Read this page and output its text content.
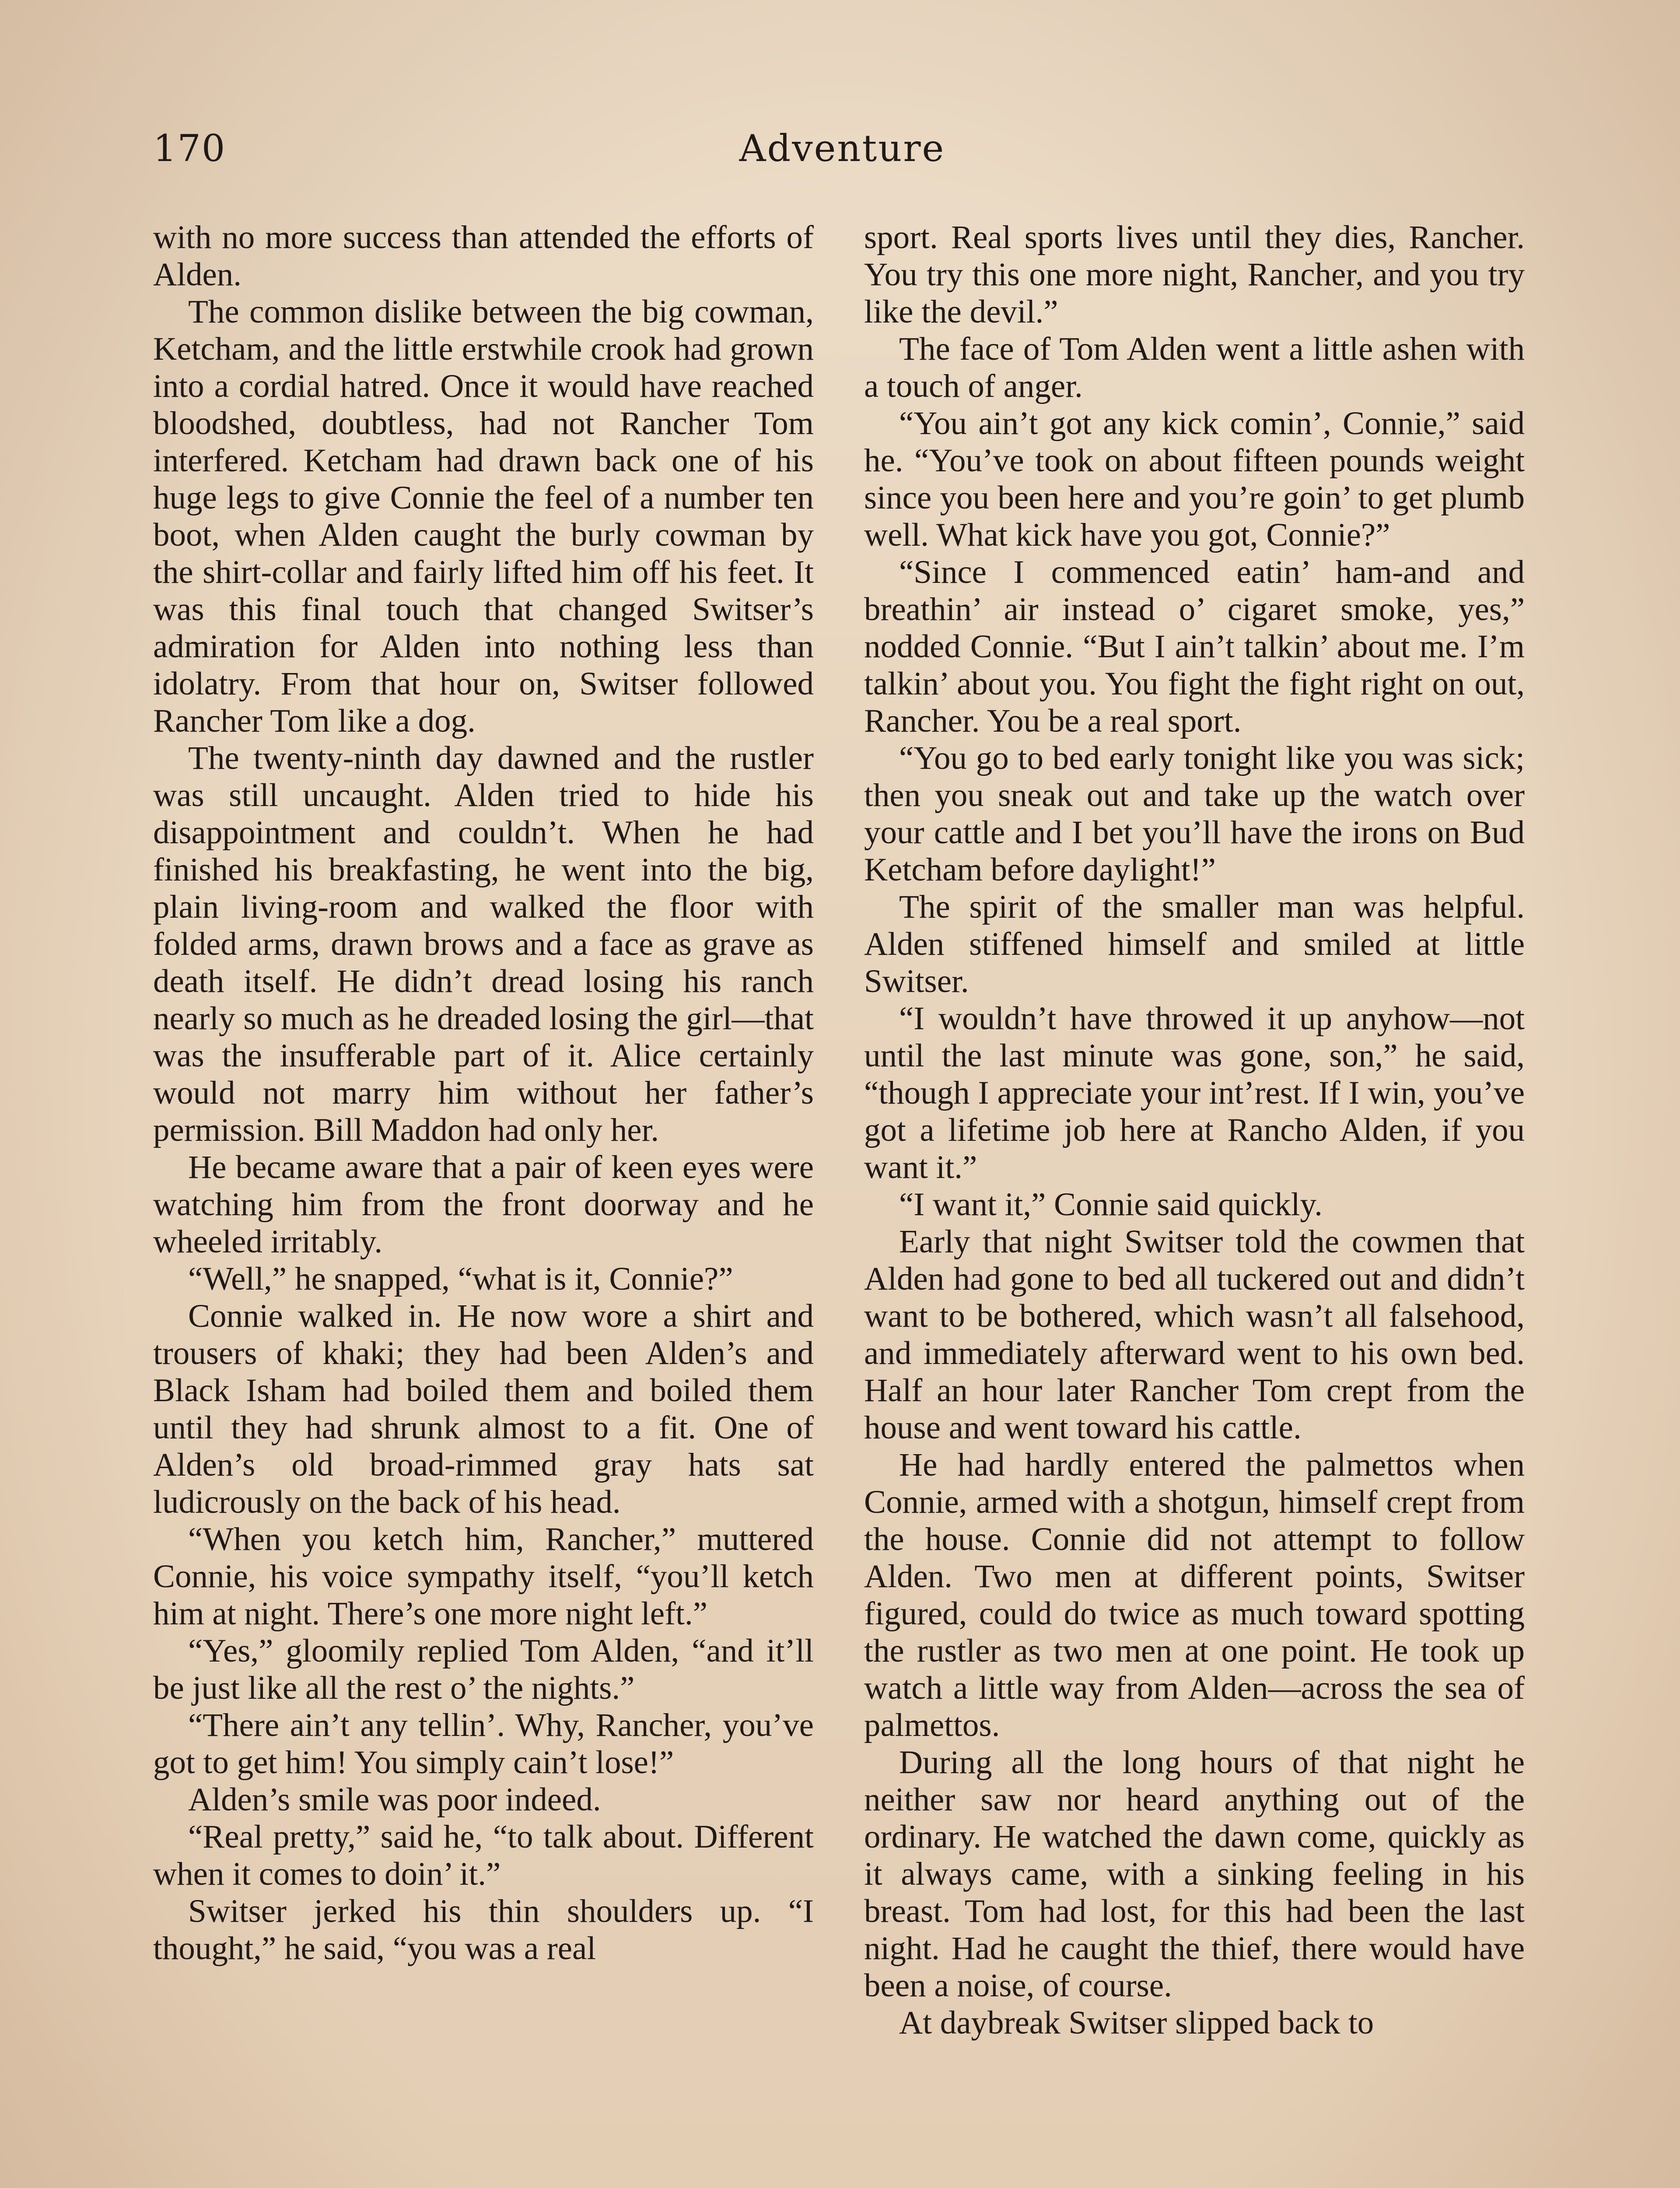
170	Adventure

with no more success than attended the efforts of Alden.

The common dislike between the big cowman, Ketcham, and the little erstwhile crook had grown into a cordial hatred. Once it would have reached bloodshed, doubtless, had not Rancher Tom interfered. Ketcham had drawn back one of his huge legs to give Connie the feel of a number ten boot, when Alden caught the burly cowman by the shirt-collar and fairly lifted him off his feet. It was this final touch that changed Switser’s admiration for Alden into nothing less than idolatry. From that hour on, Switser followed Rancher Tom like a dog.

The twenty-ninth day dawned and the rustler was still uncaught. Alden tried to hide his disappointment and couldn’t. When he had finished his breakfasting, he went into the big, plain living-room and walked the floor with folded arms, drawn brows and a face as grave as death itself. He didn’t dread losing his ranch nearly so much as he dreaded losing the girl—that was the insufferable part of it. Alice certainly would not marry him without her father’s permission. Bill Maddon had only her.

He became aware that a pair of keen eyes were watching him from the front doorway and he wheeled irritably.

“Well,” he snapped, “what is it, Connie?”

Connie walked in. He now wore a shirt and trousers of khaki; they had been Alden’s and Black Isham had boiled them and boiled them until they had shrunk almost to a fit. One of Alden’s old broad-rimmed gray hats sat ludicrously on the back of his head.

“When you ketch him, Rancher,” muttered Connie, his voice sympathy itself, “you’ll ketch him at night. There’s one more night left.”

“Yes,” gloomily replied Tom Alden, “and it’ll be just like all the rest o’ the nights.”

“There ain’t any tellin’. Why, Rancher, you’ve got to get him! You simply cain’t lose!”

Alden’s smile was poor indeed.

“Real pretty,” said he, “to talk about. Different when it comes to doin’ it.”

Switser jerked his thin shoulders up. “I thought,” he said, “you was a real

sport. Real sports lives until they dies, Rancher. You try this one more night, Rancher, and you try like the devil.”

The face of Tom Alden went a little ashen with a touch of anger.

“You ain’t got any kick comin’, Connie,” said he. “You’ve took on about fifteen pounds weight since you been here and you’re goin’ to get plumb well. What kick have you got, Connie?”

“Since I commenced eatin’ ham-and and breathin’ air instead o’ cigaret smoke, yes,” nodded Connie. “But I ain’t talkin’ about me. I’m talkin’ about you. You fight the fight right on out, Rancher. You be a real sport.

“You go to bed early tonight like you was sick; then you sneak out and take up the watch over your cattle and I bet you’ll have the irons on Bud Ketcham before daylight!”

The spirit of the smaller man was helpful. Alden stiffened himself and smiled at little Switser.

“I wouldn’t have throwed it up anyhow—not until the last minute was gone, son,” he said, “though I appreciate your int’rest. If I win, you’ve got a lifetime job here at Rancho Alden, if you want it.”

“I want it,” Connie said quickly.

Early that night Switser told the cowmen that Alden had gone to bed all tuckered out and didn’t want to be bothered, which wasn’t all falsehood, and immediately afterward went to his own bed. Half an hour later Rancher Tom crept from the house and went toward his cattle.

He had hardly entered the palmettos when Connie, armed with a shotgun, himself crept from the house. Connie did not attempt to follow Alden. Two men at different points, Switser figured, could do twice as much toward spotting the rustler as two men at one point. He took up watch a little way from Alden—across the sea of palmettos.

During all the long hours of that night he neither saw nor heard anything out of the ordinary. He watched the dawn come, quickly as it always came, with a sinking feeling in his breast. Tom had lost, for this had been the last night. Had he caught the thief, there would have been a noise, of course.

At daybreak Switser slipped back to
